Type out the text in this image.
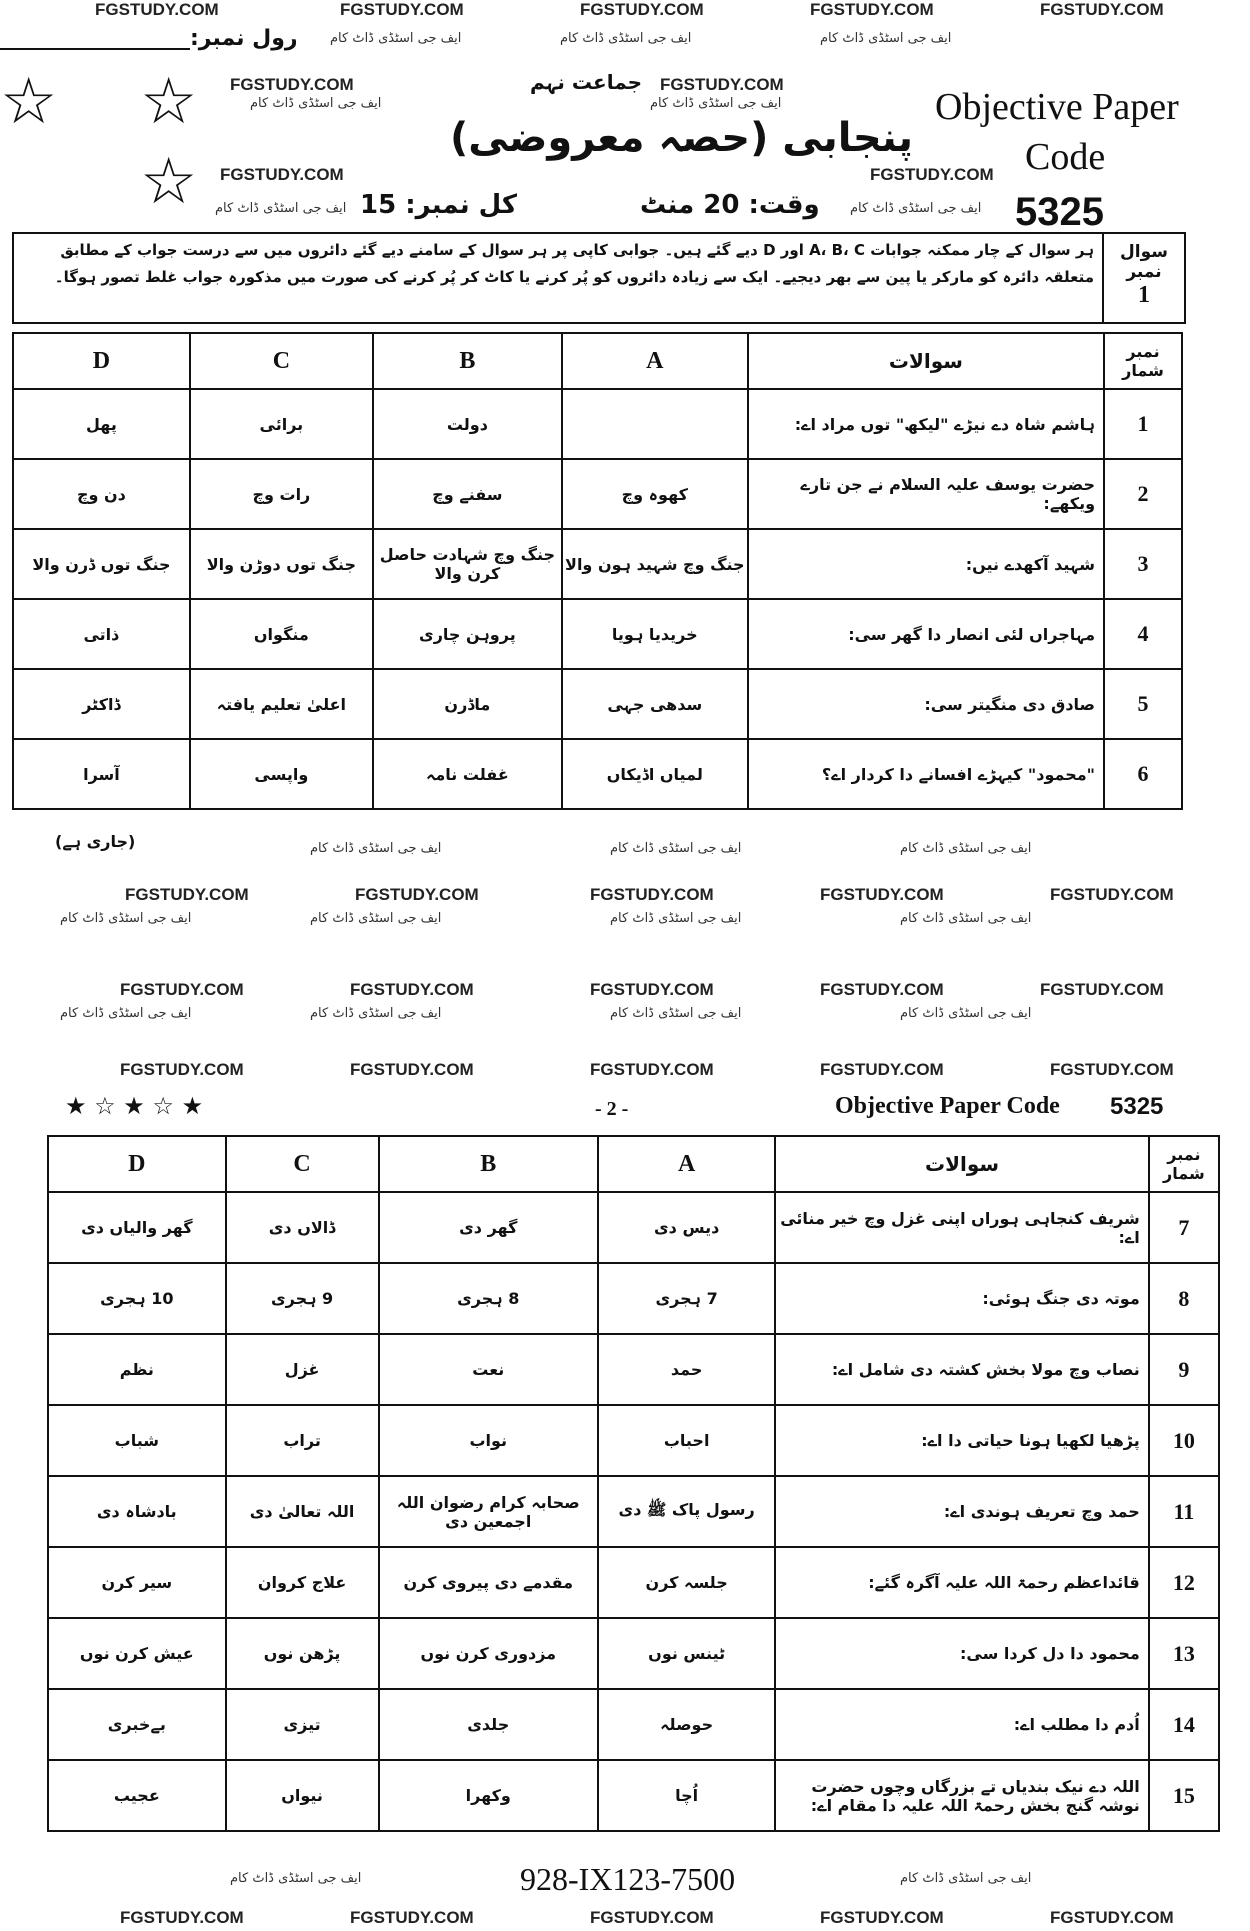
FGSTUDY.COM	FGSTUDY.COM	FGSTUDY.COM	FGSTUDY.COM	FGSTUDY.COM
FGSTUDY.COM	FGSTUDY.COM
FGSTUDY.COM	FGSTUDY.COM
FGSTUDY.COM	FGSTUDY.COM	FGSTUDY.COM	FGSTUDY.COM	FGSTUDY.COM
FGSTUDY.COM	FGSTUDY.COM	FGSTUDY.COM	FGSTUDY.COM	FGSTUDY.COM
FGSTUDY.COM	FGSTUDY.COM	FGSTUDY.COM	FGSTUDY.COM	FGSTUDY.COM
FGSTUDY.COM	FGSTUDY.COM	FGSTUDY.COM	FGSTUDY.COM	FGSTUDY.COM
ایف جی اسٹڈی ڈاٹ کام	ایف جی اسٹڈی ڈاٹ کام	ایف جی اسٹڈی ڈاٹ کام
ایف جی اسٹڈی ڈاٹ کام	ایف جی اسٹڈی ڈاٹ کام
ایف جی اسٹڈی ڈاٹ کام	ایف جی اسٹڈی ڈاٹ کام
ایف جی اسٹڈی ڈاٹ کام	ایف جی اسٹڈی ڈاٹ کام	ایف جی اسٹڈی ڈاٹ کام
ایف جی اسٹڈی ڈاٹ کام	ایف جی اسٹڈی ڈاٹ کام	ایف جی اسٹڈی ڈاٹ کام	ایف جی اسٹڈی ڈاٹ کام
ایف جی اسٹڈی ڈاٹ کام	ایف جی اسٹڈی ڈاٹ کام	ایف جی اسٹڈی ڈاٹ کام	ایف جی اسٹڈی ڈاٹ کام
ایف جی اسٹڈی ڈاٹ کام	ایف جی اسٹڈی ڈاٹ کام
رول نمبر:
☆ ☆
☆
جماعت نہم
پنجابی (حصہ معروضی)
کل نمبر: 15	وقت: 20 منٹ
Objective Paper
Code
5325
سوال نمبر
1
ہر سوال کے چار ممکنہ جوابات A، B، C اور D دیے گئے ہیں۔ جوابی کاپی پر ہر سوال کے سامنے دیے گئے دائروں میں سے درست جواب کے مطابق متعلقہ دائرہ کو مارکر یا پین سے بھر دیجیے۔ ایک سے زیادہ دائروں کو پُر کرنے یا کاٹ کر پُر کرنے کی صورت میں مذکورہ جواب غلط تصور ہوگا۔
نمبر شمار	سوالات	A	B	C	D
1	ہاشم شاہ دے نیڑے "لیکھ" توں مراد اے:		دولت	برائی	پھل
2	حضرت یوسف علیہ السلام نے جن تارے ویکھے:	کھوہ وچ	سفنے وچ	رات وچ	دن وچ
3	شہید آکھدے نیں:	جنگ وچ شہید ہون والا	جنگ وچ شہادت حاصل کرن والا	جنگ توں دوڑن والا	جنگ توں ڈرن والا
4	مہاجراں لئی انصار دا گھر سی:	خریدیا ہویا	پروہن چاری	منگواں	ذاتی
5	صادق دی منگیتر سی:	سدھی جہی	ماڈرن	اعلیٰ تعلیم یافتہ	ڈاکٹر
6	"محمود" کیہڑے افسانے دا کردار اے؟	لمیاں اڈیکاں	غفلت نامہ	واپسی	آسرا
(جاری ہے)
★ ☆ ★ ☆ ★	- 2 -	Objective Paper Code 5325
نمبر شمار	سوالات	A	B	C	D
7	شریف کنجاہی ہوراں اپنی غزل وچ خیر منائی اے:	دیس دی	گھر دی	ڈالاں دی	گھر والیاں دی
8	موتہ دی جنگ ہوئی:	7 ہجری	8 ہجری	9 ہجری	10 ہجری
9	نصاب وچ مولا بخش کشتہ دی شامل اے:	حمد	نعت	غزل	نظم
10	پڑھیا لکھیا ہونا حیاتی دا اے:	احباب	نواب	تراب	شباب
11	حمد وچ تعریف ہوندی اے:	رسول پاک ﷺ دی	صحابہ کرام رضوان اللہ اجمعین دی	اللہ تعالیٰ دی	بادشاہ دی
12	قائداعظم رحمۃ اللہ علیہ آگرہ گئے:	جلسہ کرن	مقدمے دی پیروی کرن	علاج کروان	سیر کرن
13	محمود دا دل کردا سی:	ٹینس نوں	مزدوری کرن نوں	پڑھن نوں	عیش کرن نوں
14	اُدم دا مطلب اے:	حوصلہ	جلدی	تیزی	بےخبری
15	اللہ دے نیک بندیاں تے بزرگاں وچوں حضرت نوشہ گنج بخش رحمۃ اللہ علیہ دا مقام اے:	اُچا	وکھرا	نیواں	عجیب
928-IX123-7500
